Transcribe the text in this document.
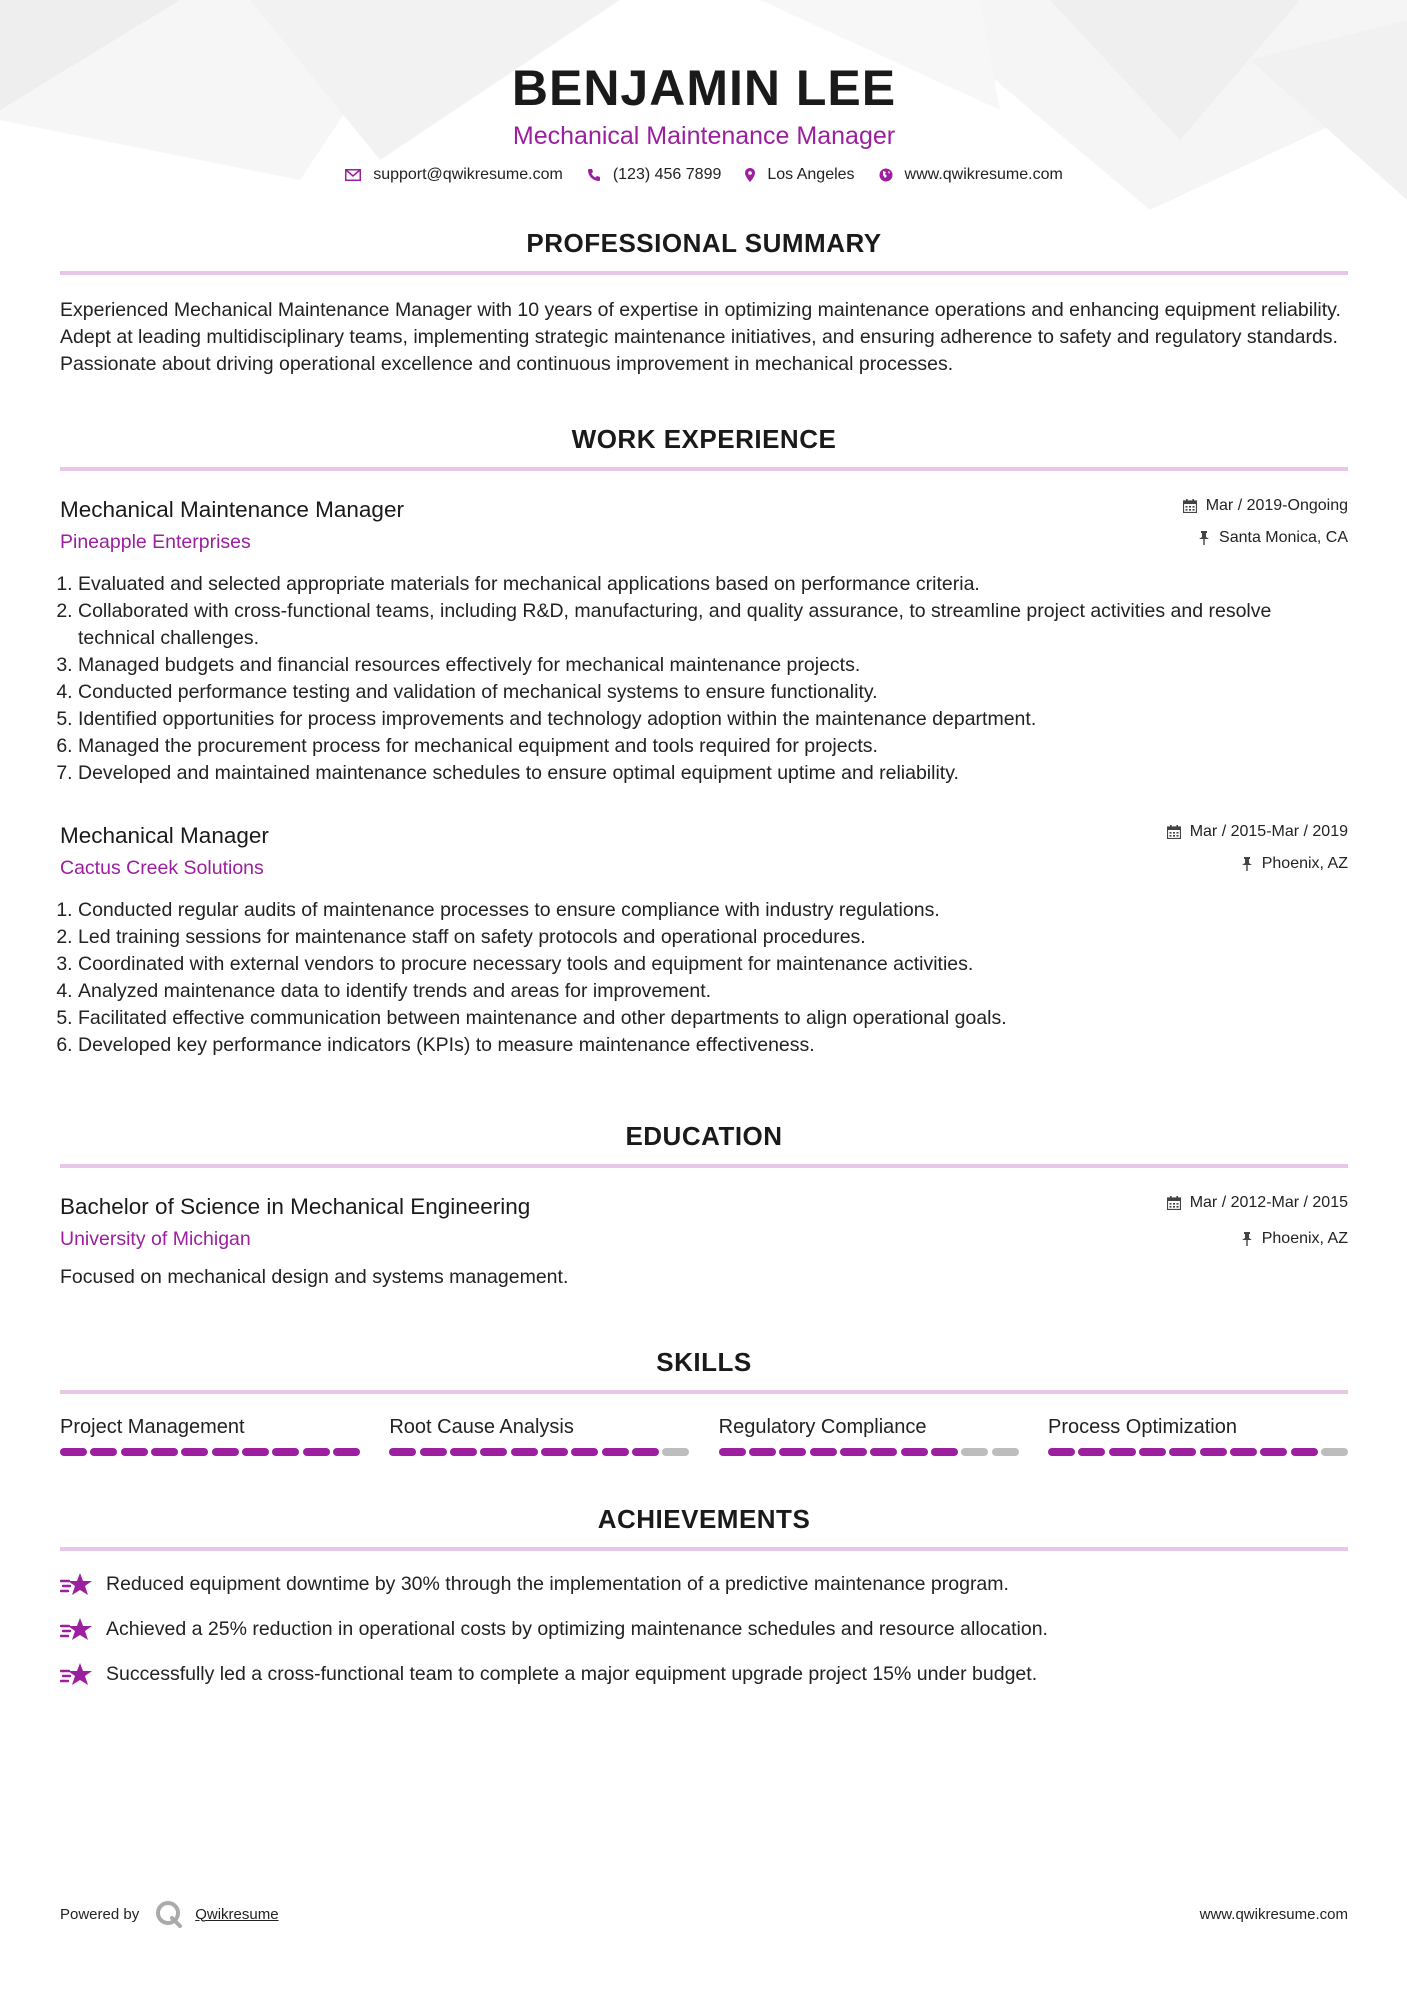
BENJAMIN LEE
Mechanical Maintenance Manager
support@qwikresume.com	(123) 456 7899	Los Angeles	www.qwikresume.com
PROFESSIONAL SUMMARY
Experienced Mechanical Maintenance Manager with 10 years of expertise in optimizing maintenance operations and enhancing equipment reliability. Adept at leading multidisciplinary teams, implementing strategic maintenance initiatives, and ensuring adherence to safety and regulatory standards. Passionate about driving operational excellence and continuous improvement in mechanical processes.
WORK EXPERIENCE
Mechanical Maintenance Manager
Pineapple Enterprises
Mar / 2019-Ongoing
Santa Monica, CA
1. Evaluated and selected appropriate materials for mechanical applications based on performance criteria.
2. Collaborated with cross-functional teams, including R&D, manufacturing, and quality assurance, to streamline project activities and resolve technical challenges.
3. Managed budgets and financial resources effectively for mechanical maintenance projects.
4. Conducted performance testing and validation of mechanical systems to ensure functionality.
5. Identified opportunities for process improvements and technology adoption within the maintenance department.
6. Managed the procurement process for mechanical equipment and tools required for projects.
7. Developed and maintained maintenance schedules to ensure optimal equipment uptime and reliability.
Mechanical Manager
Cactus Creek Solutions
Mar / 2015-Mar / 2019
Phoenix, AZ
1. Conducted regular audits of maintenance processes to ensure compliance with industry regulations.
2. Led training sessions for maintenance staff on safety protocols and operational procedures.
3. Coordinated with external vendors to procure necessary tools and equipment for maintenance activities.
4. Analyzed maintenance data to identify trends and areas for improvement.
5. Facilitated effective communication between maintenance and other departments to align operational goals.
6. Developed key performance indicators (KPIs) to measure maintenance effectiveness.
EDUCATION
Bachelor of Science in Mechanical Engineering
University of Michigan
Mar / 2012-Mar / 2015
Phoenix, AZ
Focused on mechanical design and systems management.
SKILLS
Project Management	Root Cause Analysis	Regulatory Compliance	Process Optimization
ACHIEVEMENTS
Reduced equipment downtime by 30% through the implementation of a predictive maintenance program.
Achieved a 25% reduction in operational costs by optimizing maintenance schedules and resource allocation.
Successfully led a cross-functional team to complete a major equipment upgrade project 15% under budget.
Powered by	Qwikresume	www.qwikresume.com
